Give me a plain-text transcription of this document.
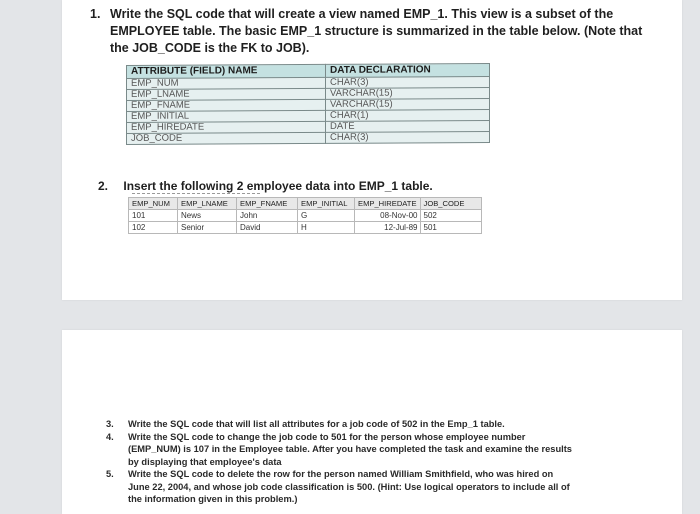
1. Write the SQL code that will create a view named EMP_1. This view is a subset of the EMPLOYEE table. The basic EMP_1 structure is summarized in the table below. (Note that the JOB_CODE is the FK to JOB).
ATTRIBUTE (FIELD) NAME	DATA DECLARATION
EMP_NUM	CHAR(3)
EMP_LNAME	VARCHAR(15)
EMP_FNAME	VARCHAR(15)
EMP_INITIAL	CHAR(1)
EMP_HIREDATE	DATE
JOB_CODE	CHAR(3)
2. Insert the following 2 employee data into EMP_1 table.
EMP_NUM	EMP_LNAME	EMP_FNAME	EMP_INITIAL	EMP_HIREDATE	JOB_CODE
101	News	John	G	08-Nov-00	502
102	Senior	David	H	12-Jul-89	501
3. Write the SQL code that will list all attributes for a job code of 502 in the Emp_1 table.
4. Write the SQL code to change the job code to 501 for the person whose employee number (EMP_NUM) is 107 in the Employee table. After you have completed the task and examine the results by displaying that employee's data
5. Write the SQL code to delete the row for the person named William Smithfield, who was hired on June 22, 2004, and whose job code classification is 500. (Hint: Use logical operators to include all of the information given in this problem.)
